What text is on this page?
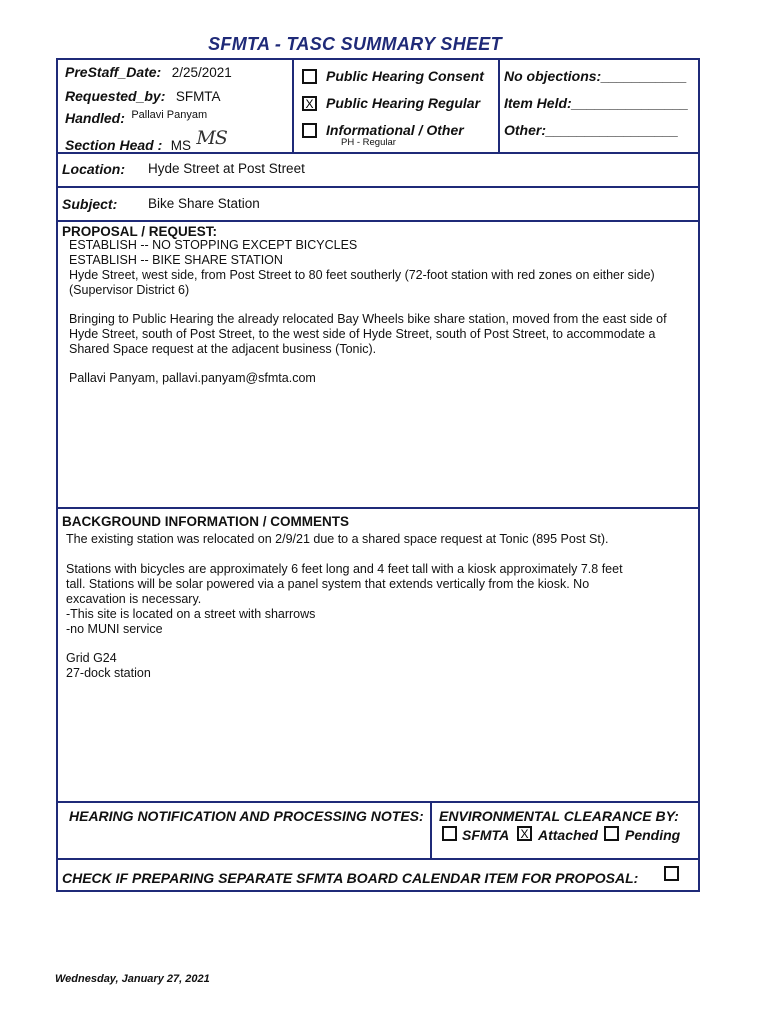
SFMTA - TASC SUMMARY SHEET
PreStaff_Date: 2/25/2021
Requested_by: SFMTA
Handled: $^{Pallavi Panyam}$
Section Head : MS MS
Public Hearing Consent
X Public Hearing Regular
Informational / Other
PH - Regular
No objections:___________
Item Held:_______________
Other:_________________
Location: Hyde Street at Post Street
Subject: Bike Share Station
PROPOSAL / REQUEST:
ESTABLISH -- NO STOPPING EXCEPT BICYCLES
ESTABLISH -- BIKE SHARE STATION
Hyde Street, west side, from Post Street to 80 feet southerly (72-foot station with red zones on either side)
(Supervisor District 6)
Bringing to Public Hearing the already relocated Bay Wheels bike share station, moved from the east side of
Hyde Street, south of Post Street, to the west side of Hyde Street, south of Post Street, to accommodate a
Shared Space request at the adjacent business (Tonic).
Pallavi Panyam, pallavi.panyam@sfmta.com
BACKGROUND INFORMATION / COMMENTS
The existing station was relocated on 2/9/21 due to a shared space request at Tonic (895 Post St).
Stations with bicycles are approximately 6 feet long and 4 feet tall with a kiosk approximately 7.8 feet
tall. Stations will be solar powered via a panel system that extends vertically from the kiosk. No
excavation is necessary.
-This site is located on a street with sharrows
-no MUNI service
Grid G24
27-dock station
HEARING NOTIFICATION AND PROCESSING NOTES: ENVIRONMENTAL CLEARANCE BY:
SFMTA X Attached Pending
CHECK IF PREPARING SEPARATE SFMTA BOARD CALENDAR ITEM FOR PROPOSAL:
Wednesday, January 27, 2021
